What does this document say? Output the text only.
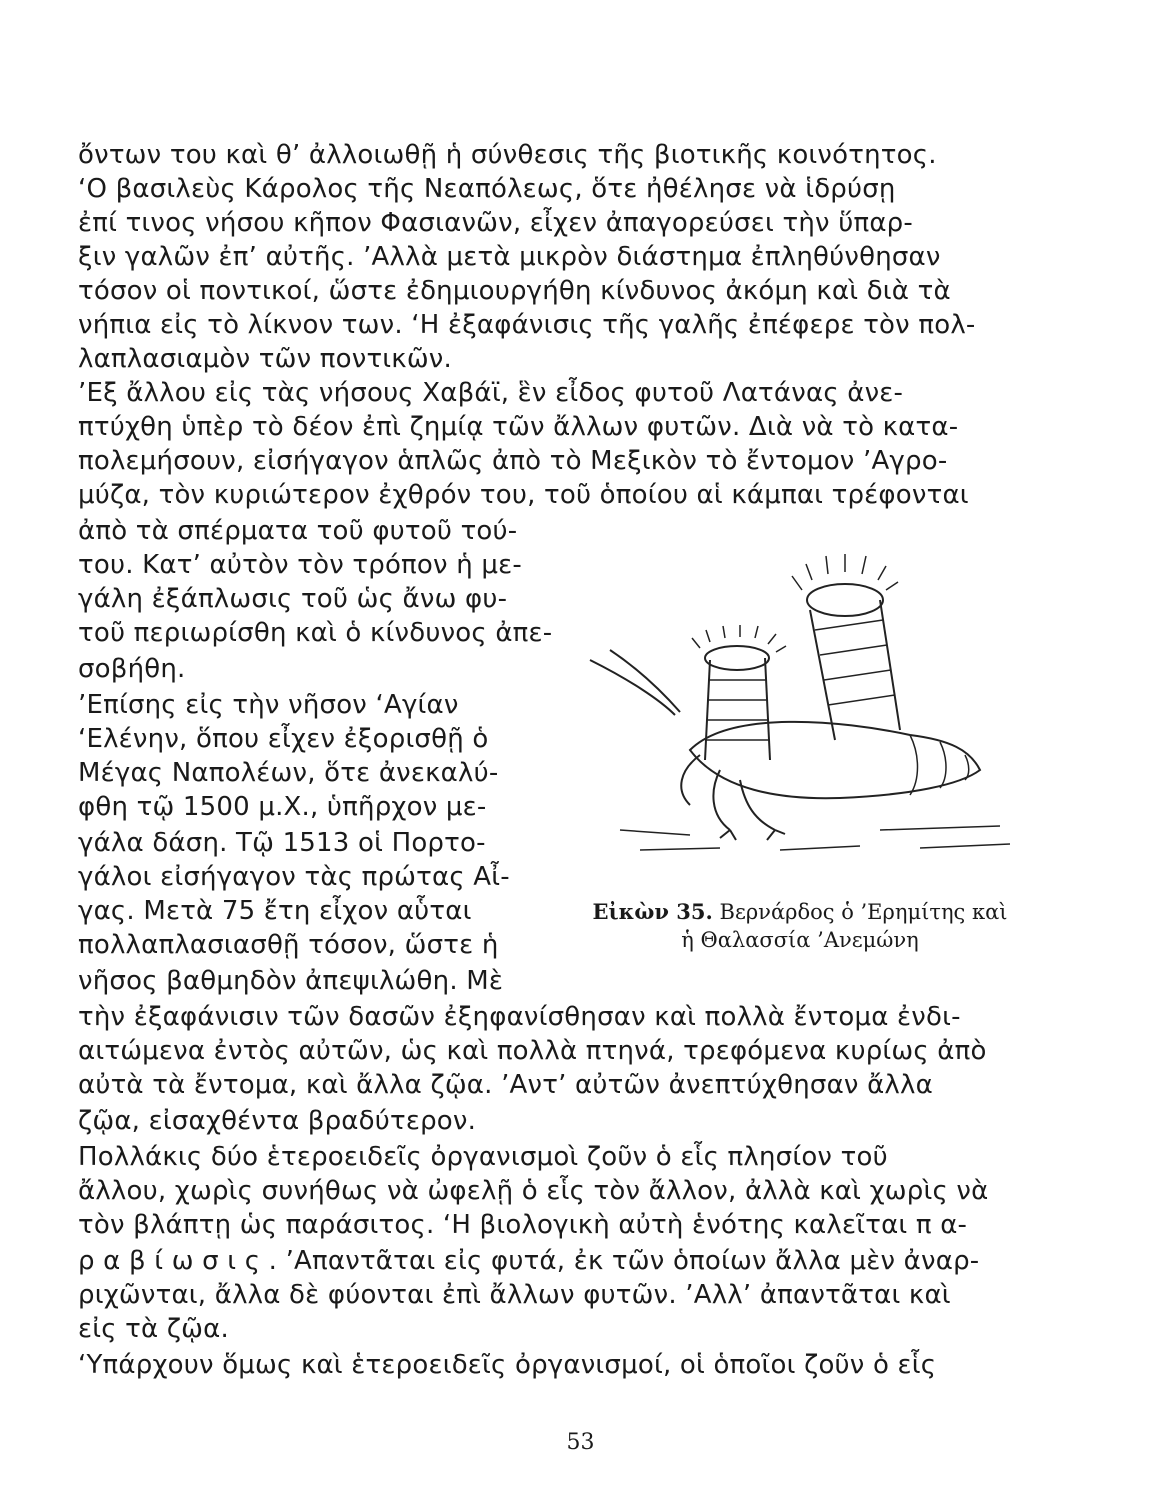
ὄντων του καὶ θ’ ἀλλοιωθῇ ἡ σύνθεσις τῆς βιοτικῆς κοινότητος.

‘Ο βασιλεὺς Κάρολος τῆς Νεαπόλεως, ὅτε ἠθέλησε νὰ ἱδρύσῃ

ἐπί τινος νήσου κῆπον Φασιανῶν, εἶχεν ἀπαγορεύσει τὴν ὕπαρ-

ξιν γαλῶν ἐπ’ αὐτῆς. ’Αλλὰ μετὰ μικρὸν διάστημα ἐπληθύνθησαν

τόσον οἱ ποντικοί, ὥστε ἐδημιουργήθη κίνδυνος ἀκόμη καὶ διὰ τὰ

νήπια εἰς τὸ λίκνον των. ‘Η ἐξαφάνισις τῆς γαλῆς ἐπέφερε τὸν πολ-

λαπλασιαμὸν τῶν ποντικῶν.

’Εξ ἄλλου εἰς τὰς νήσους Χαβάϊ, ἓν εἶδος φυτοῦ Λατάνας ἀνε-

πτύχθη ὑπὲρ τὸ δέον ἐπὶ ζημίᾳ τῶν ἄλλων φυτῶν. Διὰ νὰ τὸ κατα-

πολεμήσουν, εἰσήγαγον ἁπλῶς ἀπὸ τὸ Μεξικὸν τὸ ἔντομον ’Αγρο-

μύζα, τὸν κυριώτερον ἐχθρόν του, τοῦ ὁποίου αἱ κάμπαι τρέφονται

ἀπὸ τὰ σπέρματα τοῦ φυτοῦ τού-

του. Κατ’ αὐτὸν τὸν τρόπον ἡ με-

γάλη ἐξάπλωσις τοῦ ὡς ἄνω φυ-

τοῦ περιωρίσθη καὶ ὁ κίνδυνος ἀπε-

σοβήθη.

’Επίσης εἰς τὴν νῆσον ‘Αγίαν

‘Ελένην, ὅπου εἶχεν ἐξορισθῇ ὁ

Μέγας Ναπολέων, ὅτε ἀνεκαλύ-

φθη τῷ 1500 μ.Χ., ὑπῆρχον με-

γάλα δάση. Τῷ 1513 οἱ Πορτο-

γάλοι εἰσήγαγον τὰς πρώτας Αἶ-

γας. Μετὰ 75 ἔτη εἶχον αὗται

πολλαπλασιασθῇ τόσον, ὥστε ἡ

νῆσος βαθμηδὸν ἀπεψιλώθη. Μὲ

τὴν ἐξαφάνισιν τῶν δασῶν ἐξηφανίσθησαν καὶ πολλὰ ἔντομα ἐνδι-

αιτώμενα ἐντὸς αὐτῶν, ὡς καὶ πολλὰ πτηνά, τρεφόμενα κυρίως ἀπὸ

αὐτὰ τὰ ἔντομα, καὶ ἄλλα ζῷα. ’Αντ’ αὐτῶν ἀνεπτύχθησαν ἄλλα

ζῷα, εἰσαχθέντα βραδύτερον.

Πολλάκις δύο ἑτεροειδεῖς ὀργανισμοὶ ζοῦν ὁ εἷς πλησίον τοῦ

ἄλλου, χωρὶς συνήθως νὰ ὠφελῇ ὁ εἷς τὸν ἄλλον, ἀλλὰ καὶ χωρὶς νὰ

τὸν βλάπτῃ ὡς παράσιτος. ‘Η βιολογικὴ αὐτὴ ἑνότης καλεῖται π α-

ρ α β ί ω σ ι ς . ’Απαντᾶται εἰς φυτά, ἐκ τῶν ὁποίων ἄλλα μὲν ἀναρ-

ριχῶνται, ἄλλα δὲ φύονται ἐπὶ ἄλλων φυτῶν. ’Αλλ’ ἀπαντᾶται καὶ

εἰς τὰ ζῷα.

‘Υπάρχουν ὅμως καὶ ἑτεροειδεῖς ὀργανισμοί, οἱ ὁποῖοι ζοῦν ὁ εἷς

Εἰκὼν 35. Βερνάρδος ὁ ’Ερημίτης καὶ
ἡ Θαλασσία ’Ανεμώνη
53
